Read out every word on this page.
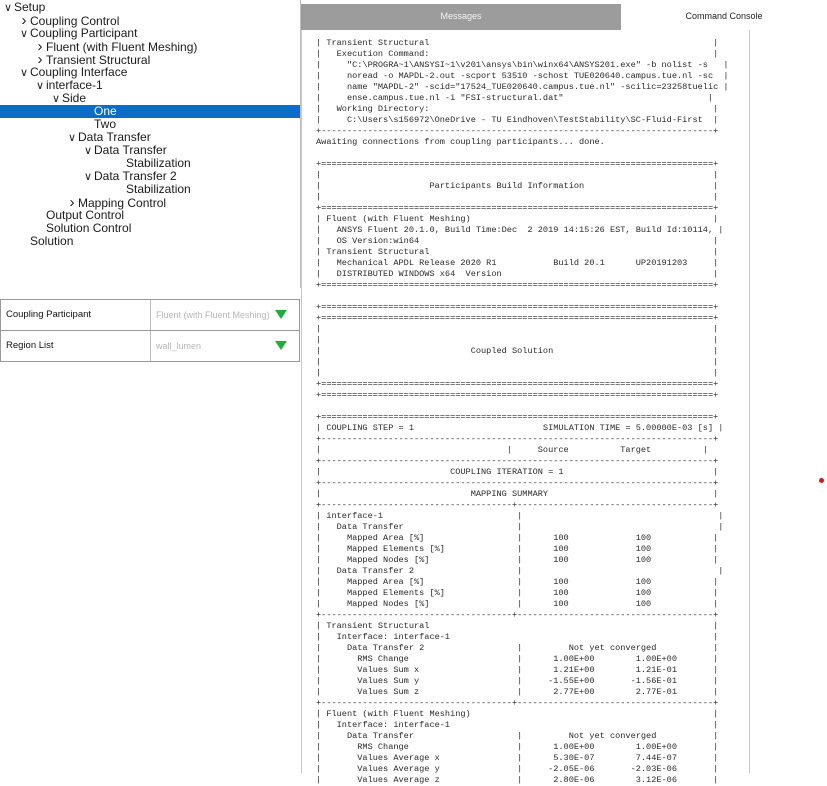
∨ Setup
› Coupling Control
∨ Coupling Participant
› Fluent (with Fluent Meshing)
› Transient Structural
∨ Coupling Interface
∨ interface-1
∨ Side
One
Two
∨ Data Transfer
∨ Data Transfer
Stabilization
∨ Data Transfer 2
Stabilization
› Mapping Control
Output Control
Solution Control
Solution
Coupling Participant	Fluent (with Fluent Meshing)
Region List	wall_lumen
Messages	Command Console
| Transient Structural                                                       |
|   Execution Command:                                                       |
|     "C:\PROGRA~1\ANSYSI~1\v201\ansys\bin\winx64\ANSYS201.exe" -b nolist -s   |
|     noread -o MAPDL-2.out -scport 53510 -schost TUE020640.campus.tue.nl -sc  |
|     name "MAPDL-2" -scid="17524_TUE020640.campus.tue.nl" -scilic=23258tuelic |
|     ense.campus.tue.nl -i "FSI-structural.dat"                            |
|   Working Directory:                                                       |
|     C:\Users\s156972\OneDrive - TU Eindhoven\TestStability\SC-Fluid-First  |
+----------------------------------------------------------------------------+
Awaiting connections from coupling participants... done.

+============================================================================+
|                                                                            |
|                     Participants Build Information                         |
|                                                                            |
+============================================================================+
| Fluent (with Fluent Meshing)                                               |
|   ANSYS Fluent 20.1.0, Build Time:Dec  2 2019 14:15:26 EST, Build Id:10114, |
|   OS Version:win64                                                         |
| Transient Structural                                                       |
|   Mechanical APDL Release 2020 R1           Build 20.1      UP20191203     |
|   DISTRIBUTED WINDOWS x64  Version                                         |
+============================================================================+

+============================================================================+
+============================================================================+
|                                                                            |
|                                                                            |
|                             Coupled Solution                               |
|                                                                            |
|                                                                            |
+============================================================================+
+============================================================================+

+============================================================================+
| COUPLING STEP = 1                         SIMULATION TIME = 5.00000E-03 [s] |
+----------------------------------------------------------------------------+
|                                    |     Source          Target          |
+----------------------------------------------------------------------------+
|                         COUPLING ITERATION = 1                             |
+----------------------------------------------------------------------------+
|                             MAPPING SUMMARY                                |
+-------------------------------------+--------------------------------------+
| interface-1                          |                                      |
|   Data Transfer                      |                                      |
|     Mapped Area [%]                  |      100             100            |
|     Mapped Elements [%]              |      100             100            |
|     Mapped Nodes [%]                 |      100             100            |
|   Data Transfer 2                    |                                      |
|     Mapped Area [%]                  |      100             100            |
|     Mapped Elements [%]              |      100             100            |
|     Mapped Nodes [%]                 |      100             100            |
+-------------------------------------+--------------------------------------+
| Transient Structural                                                       |
|   Interface: interface-1                                                   |
|     Data Transfer 2                  |         Not yet converged           |
|       RMS Change                     |      1.00E+00        1.00E+00       |
|       Values Sum x                   |      1.21E+00        1.21E-01       |
|       Values Sum y                   |     -1.55E+00       -1.56E-01       |
|       Values Sum z                   |      2.77E+00        2.77E-01       |
+-------------------------------------+--------------------------------------+
| Fluent (with Fluent Meshing)                                               |
|   Interface: interface-1                                                   |
|     Data Transfer                    |         Not yet converged           |
|       RMS Change                     |      1.00E+00        1.00E+00       |
|       Values Average x               |      5.30E-07        7.44E-07       |
|       Values Average y               |     -2.05E-06       -2.03E-06       |
|       Values Average z               |      2.80E-06        3.12E-06       |
